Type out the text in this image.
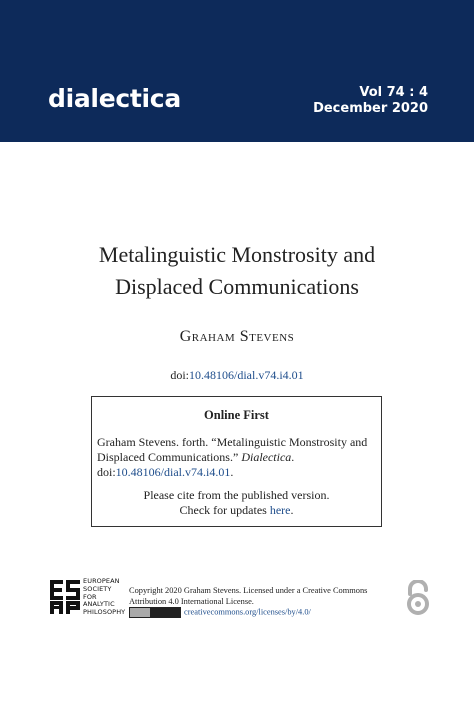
dialectica	Vol 74 : 4
December 2020
Metalinguistic Monstrosity and
Displaced Communications
Graham Stevens
doi:10.48106/dial.v74.i4.01
Online First
Graham Stevens. forth. “Metalinguistic Monstrosity and Displaced Communications.” Dialectica. doi:10.48106/dial.v74.i4.01.
Please cite from the published version.
Check for updates here.
EUROPEAN
SOCIETY
FOR
ANALYTIC
PHILOSOPHY
Copyright 2020 Graham Stevens. Licensed under a Creative Commons Attribution 4.0 International License.
creativecommons.org/licenses/by/4.0/
